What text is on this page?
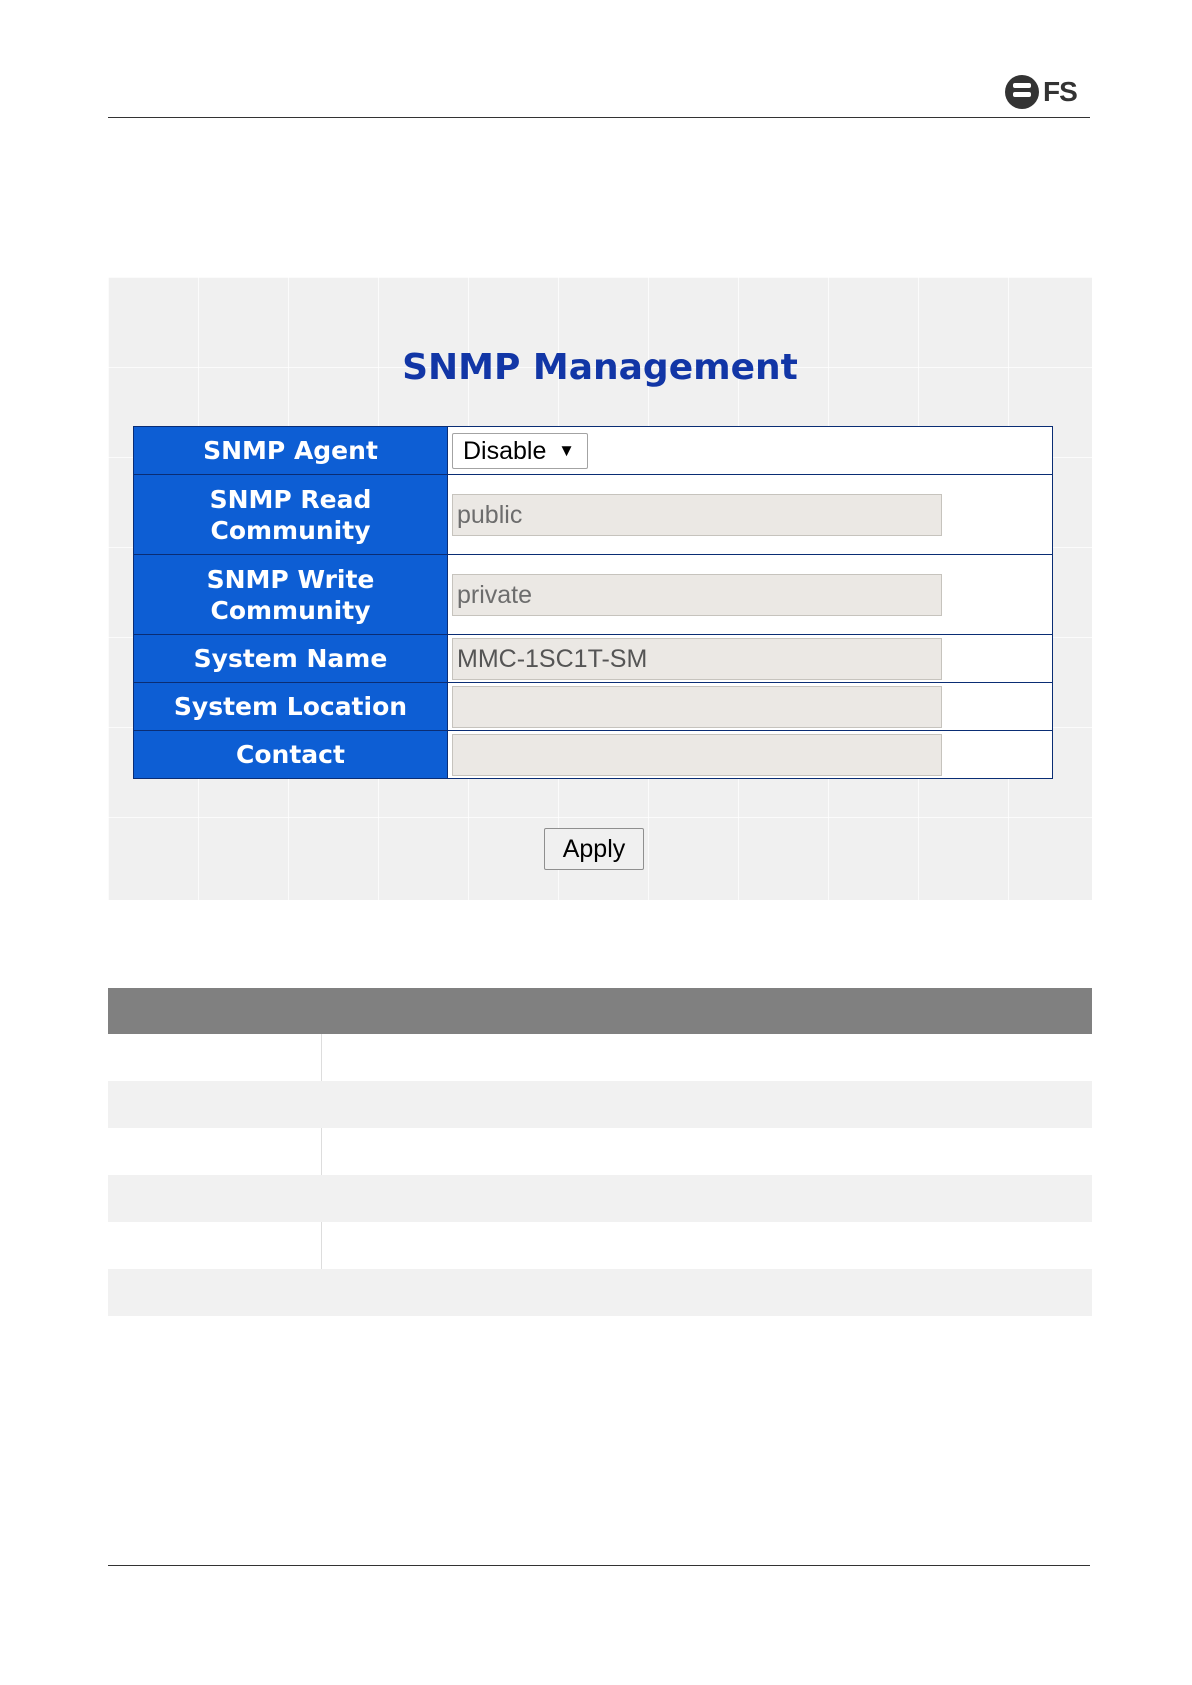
FS
SNMP Management
SNMP Agent	Disable ▼

SNMP Read
Community	public

SNMP Write
Community	private

System Name	MMC-1SC1T-SM

System Location	

Contact	
Apply
